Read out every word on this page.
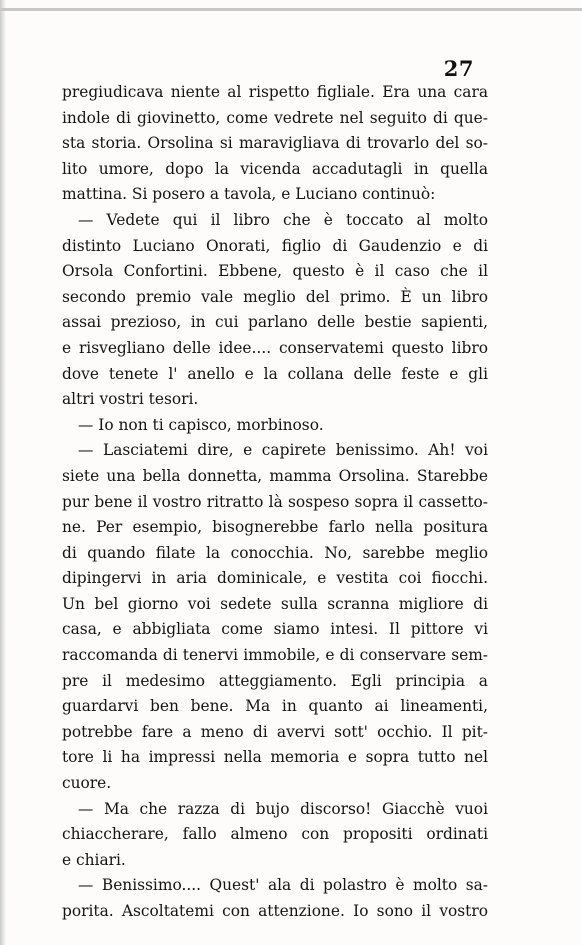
27
pregiudicava niente al rispetto figliale. Era una cara
indole di giovinetto, come vedrete nel seguito di que-
sta storia. Orsolina si maravigliava di trovarlo del so-
lito umore, dopo la vicenda accadutagli in quella
mattina. Si posero a tavola, e Luciano continuò:
— Vedete qui il libro che è toccato al molto
distinto Luciano Onorati, figlio di Gaudenzio e di
Orsola Confortini. Ebbene, questo è il caso che il
secondo premio vale meglio del primo. È un libro
assai prezioso, in cui parlano delle bestie sapienti,
e risvegliano delle idee.... conservatemi questo libro
dove tenete l' anello e la collana delle feste e gli
altri vostri tesori.
— Io non ti capisco, morbinoso.
— Lasciatemi dire, e capirete benissimo. Ah! voi
siete una bella donnetta, mamma Orsolina. Starebbe
pur bene il vostro ritratto là sospeso sopra il cassetto-
ne. Per esempio, bisognerebbe farlo nella positura
di quando filate la conocchia. No, sarebbe meglio
dipingervi in aria dominicale, e vestita coi fiocchi.
Un bel giorno voi sedete sulla scranna migliore di
casa, e abbigliata come siamo intesi. Il pittore vi
raccomanda di tenervi immobile, e di conservare sem-
pre il medesimo atteggiamento. Egli principia a
guardarvi ben bene. Ma in quanto ai lineamenti,
potrebbe fare a meno di avervi sott' occhio. Il pit-
tore li ha impressi nella memoria e sopra tutto nel
cuore.
— Ma che razza di bujo discorso! Giacchè vuoi
chiaccherare, fallo almeno con propositi ordinati
e chiari.
— Benissimo.... Quest' ala di polastro è molto sa-
porita. Ascoltatemi con attenzione. Io sono il vostro
